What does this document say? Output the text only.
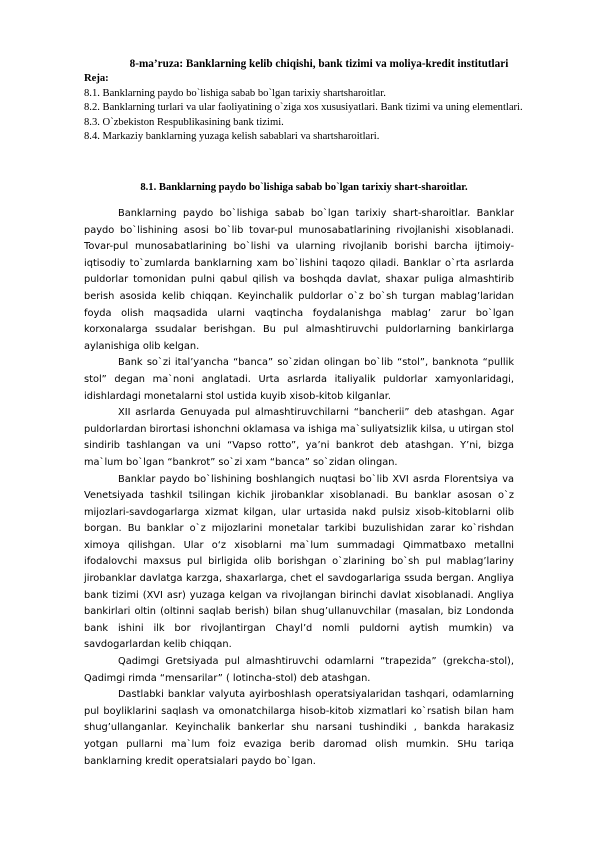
8-ma’ruza: Banklarning kelib chiqishi, bank tizimi va moliya-kredit institutlari
Reja:
8.1. Banklarning paydo bo`lishiga sabab bo`lgan tarixiy shartsharoitlar.
8.2. Banklarning turlari va ular faoliyatining o`ziga xos xususiyatlari. Bank tizimi va uning elementlari.
8.3. O`zbekiston Respublikasining bank tizimi.
8.4. Markaziy banklarning yuzaga kelish sabablari va shartsharoitlari.
8.1. Banklarning paydo bo`lishiga sabab bo`lgan tarixiy shart-sharoitlar.

Banklarning paydo bo`lishiga sabab bo`lgan tarixiy shart-sharoitlar. Banklar paydo bo`lishining asosi bo`lib tovar-pul munosabatlarining rivojlanishi xisoblanadi. Tovar-pul munosabatlarining bo`lishi va ularning rivojlanib borishi barcha ijtimoiy-iqtisodiy to`zumlarda banklarning xam bo`lishini taqozo qiladi. Banklar o`rta asrlarda puldorlar tomonidan pulni qabul qilish va boshqda davlat, shaxar puliga almashtirib berish asosida kelib chiqqan. Keyinchalik puldorlar o`z bo`sh turgan mablag’laridan foyda olish maqsadida ularni vaqtincha foydalanishga mablag’ zarur bo`lgan korxonalarga ssudalar berishgan. Bu pul almashtiruvchi puldorlarning bankirlarga aylanishiga olib kelgan.

Bank so`zi ital’yancha “banca” so`zidan olingan bo`lib “stol”, banknota “pullik stol” degan ma`noni anglatadi. Urta asrlarda italiyalik puldorlar xamyonlaridagi, idishlardagi monetalarni stol ustida kuyib xisob-kitob kilganlar.

XII asrlarda Genuyada pul almashtiruvchilarni “bancherii” deb atashgan. Agar puldorlardan birortasi ishonchni oklamasa va ishiga ma`suliyatsizlik kilsa, u utirgan stol sindirib tashlangan va uni “Vapso rotto”, ya’ni bankrot deb atashgan. Y’ni, bizga ma`lum bo`lgan “bankrot” so`zi xam “banca” so`zidan olingan.

Banklar paydo bo`lishining boshlangich nuqtasi bo`lib XVI asrda Florentsiya va Venetsiyada tashkil tsilingan kichik jirobanklar xisoblanadi. Bu banklar asosan o`z mijozlari-savdogarlarga xizmat kilgan, ular urtasida nakd pulsiz xisob-kitoblarni olib borgan. Bu banklar o`z mijozlarini monetalar tarkibi buzulishidan zarar ko`rishdan ximoya qilishgan. Ular o‘z xisoblarni ma`lum summadagi Qimmatbaxo metallni ifodalovchi maxsus pul birligida olib borishgan o`zlarining bo`sh pul mablag’lariny jirobanklar davlatga karzga, shaxarlarga, chet el savdogarlariga ssuda bergan. Angliya bank tizimi (XVI asr) yuzaga kelgan va rivojlangan birinchi davlat xisoblanadi. Angliya bankirlari oltin (oltinni saqlab berish) bilan shug’ullanuvchilar (masalan, biz Londonda bank ishini ilk bor rivojlantirgan Chayl’d nomli puldorni aytish mumkin) va savdogarlardan kelib chiqqan.

Qadimgi Gretsiyada pul almashtiruvchi odamlarni “trapezida” (grekcha-stol), Qadimgi rimda “mensarilar” ( lotincha-stol) deb atashgan.

Dastlabki banklar valyuta ayirboshlash operatsiyalaridan tashqari, odamlarning pul boyliklarini saqlash va omonatchilarga hisob-kitob xizmatlari ko`rsatish bilan ham shug’ullanganlar. Keyinchalik bankerlar shu narsani tushindiki , bankda harakasiz yotgan pullarni ma`lum foiz evaziga berib daromad olish mumkin. SHu tariqa banklarning kredit operatsialari paydo bo`lgan.
